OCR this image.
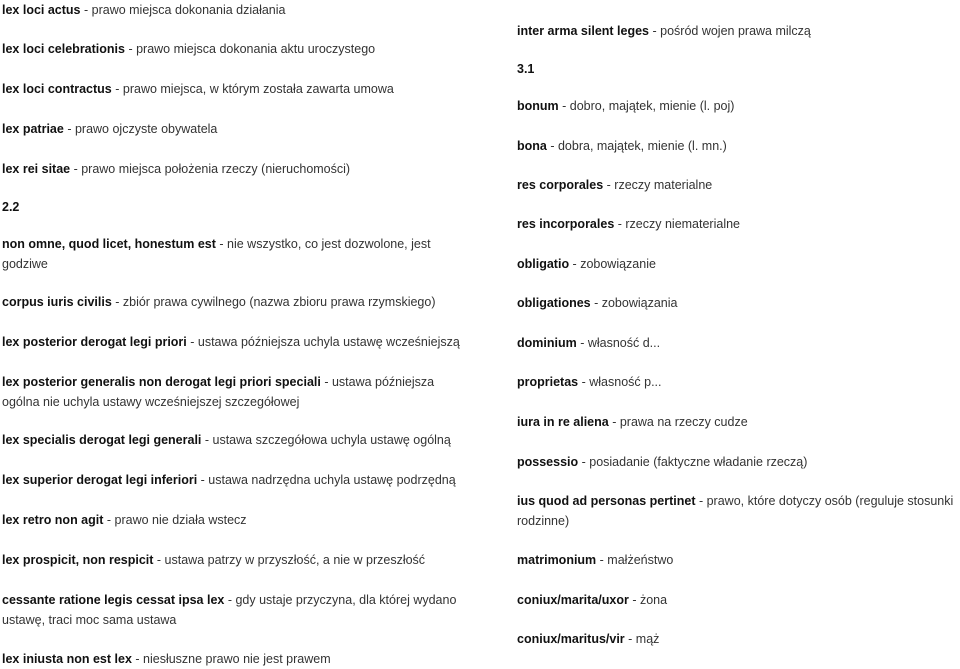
lex loci actus - prawo miejsca dokonania działania
lex loci celebrationis - prawo miejsca dokonania aktu uroczystego
lex loci contractus - prawo miejsca, w którym została zawarta umowa
lex patriae - prawo ojczyste obywatela
lex rei sitae - prawo miejsca położenia rzeczy (nieruchomości)
2.2
non omne, quod licet, honestum est - nie wszystko, co jest dozwolone, jest godziwe
corpus iuris civilis - zbiór prawa cywilnego (nazwa zbioru prawa rzymskiego)
lex posterior derogat legi priori - ustawa późniejsza uchyla ustawę wcześniejszą
lex posterior generalis non derogat legi priori speciali - ustawa późniejsza ogólna nie uchyla ustawy wcześniejszej szczegółowej
lex specialis derogat legi generali - ustawa szczegółowa uchyla ustawę ogólną
lex superior derogat legi inferiori - ustawa nadrzędna uchyla ustawę podrzędną
lex retro non agit - prawo nie działa wstecz
lex prospicit, non respicit - ustawa patrzy w przyszłość, a nie w przeszłość
cessante ratione legis cessat ipsa lex - gdy ustaje przyczyna, dla której wydano ustawę, traci moc sama ustawa
lex iniusta non est lex - niesłuszne prawo nie jest prawem
inter arma silent leges - pośród wojen prawa milczą
3.1
bonum - dobro, majątek, mienie (l. poj)
bona - dobra, majątek, mienie (l. mn.)
res corporales - rzeczy materialne
res incorporales - rzeczy niematerialne
obligatio - zobowiązanie
obligationes - zobowiązania
dominium - własność d...
proprietas - własność p...
iura in re aliena - prawa na rzeczy cudze
possessio - posiadanie (faktyczne władanie rzeczą)
ius quod ad personas pertinet - prawo, które dotyczy osób (reguluje stosunki rodzinne)
matrimonium - małżeństwo
coniux/marita/uxor - żona
coniux/maritus/vir - mąż
